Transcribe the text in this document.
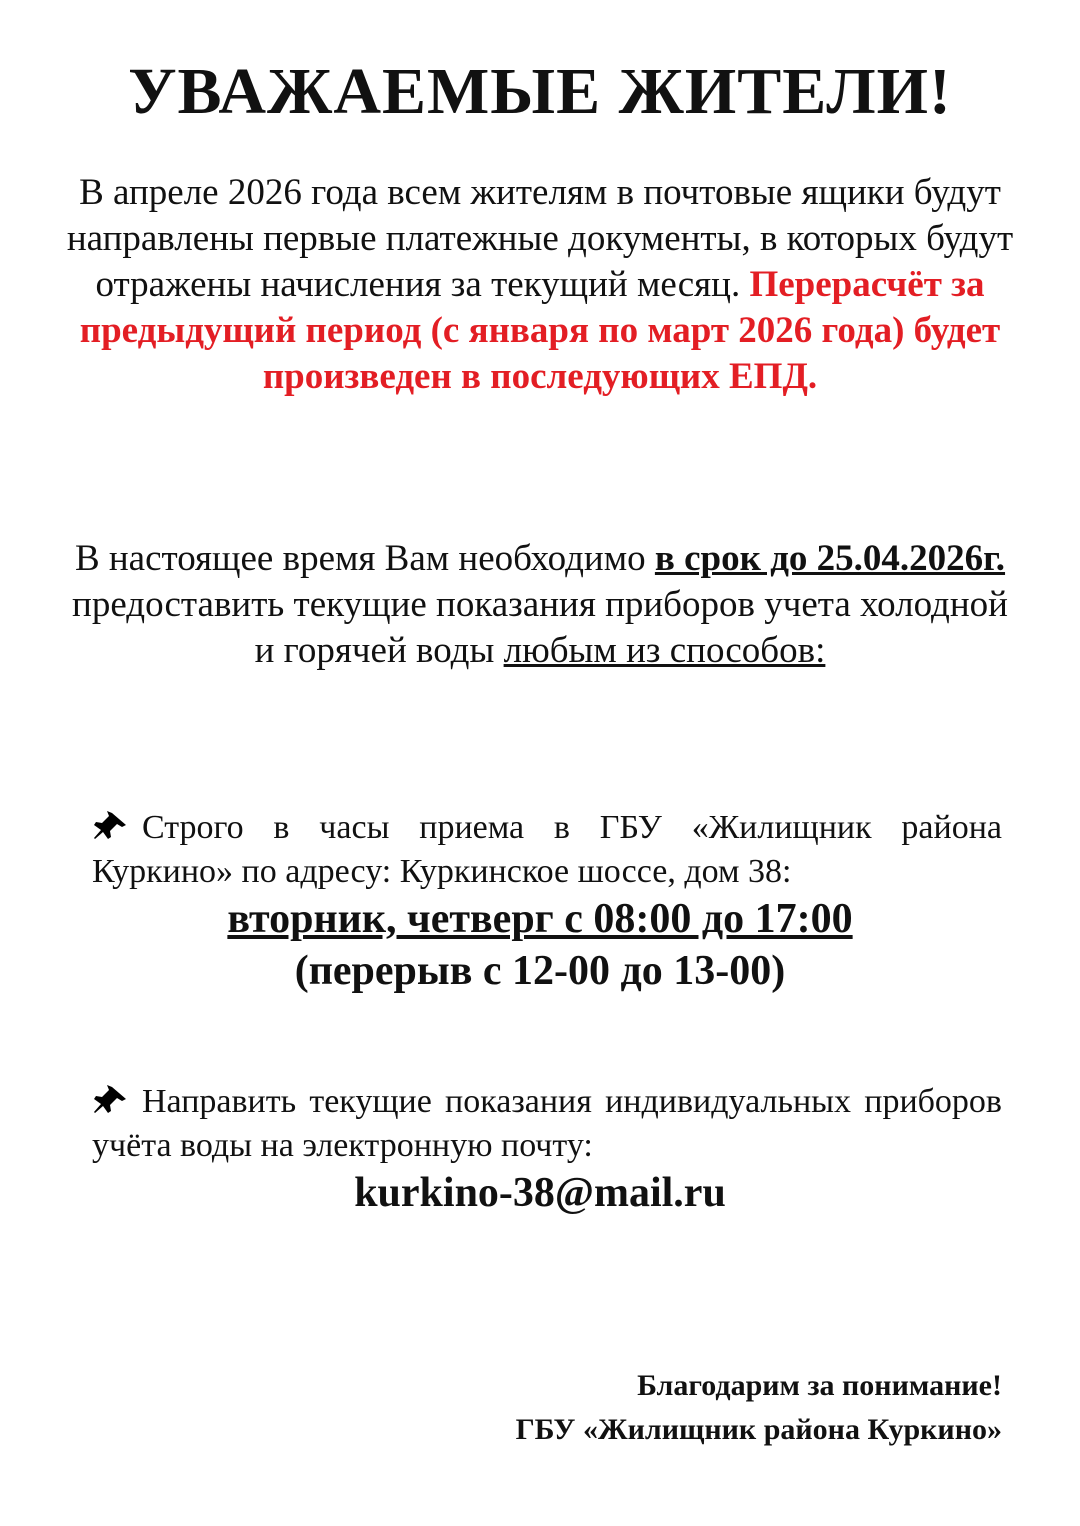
УВАЖАЕМЫЕ ЖИТЕЛИ!

В апреле 2026 года всем жителям в почтовые ящики будут направлены первые платежные документы, в которых будут отражены начисления за текущий месяц. Перерасчёт за предыдущий период (с января по март 2026 года) будет произведен в последующих ЕПД.

В настоящее время Вам необходимо в срок до 25.04.2026г. предоставить текущие показания приборов учета холодной и горячей воды любым из способов:

Строго в часы приема в ГБУ «Жилищник района Куркино» по адресу: Куркинское шоссе, дом 38:

вторник, четверг с 08:00 до 17:00

(перерыв с 12-00 до 13-00)

Направить текущие показания индивидуальных приборов учёта воды на электронную почту:

kurkino-38@mail.ru

Благодарим за понимание!
ГБУ «Жилищник района Куркино»
